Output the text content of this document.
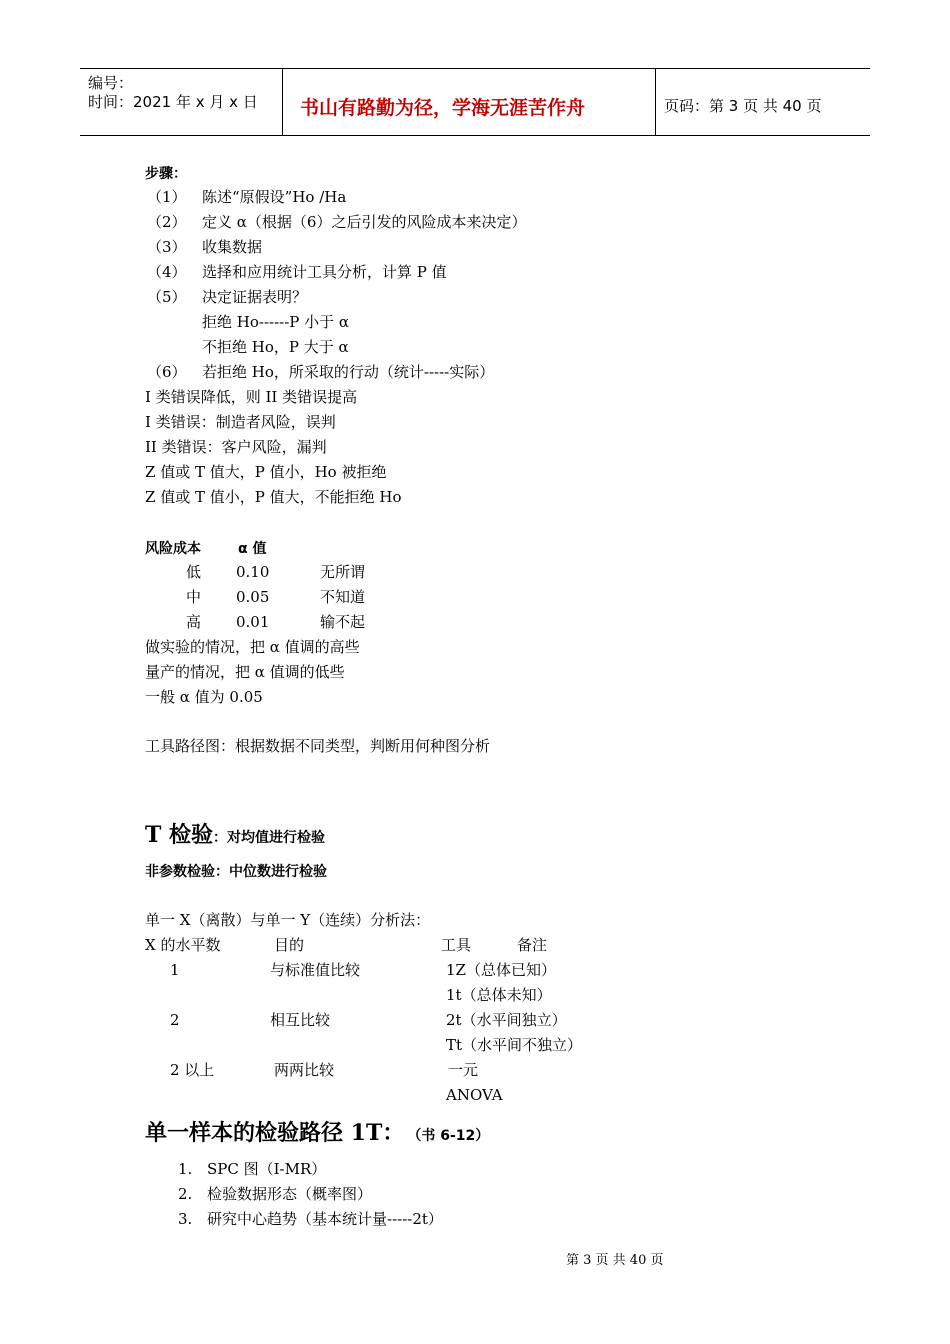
编号：
时间：2021 年 x 月 x 日 书山有路勤为径，学海无涯苦作舟	页码：第 3 页 共 40 页
步骤：
（1） 陈述“原假设”Ho /Ha
（2） 定义 α（根据（6）之后引发的风险成本来决定）
（3） 收集数据
（4） 选择和应用统计工具分析，计算 P 值
（5） 决定证据表明？
拒绝 Ho------P 小于 α
不拒绝 Ho，P 大于 α
（6） 若拒绝 Ho，所采取的行动（统计-----实际）
I 类错误降低，则 II 类错误提高
I 类错误：制造者风险，误判
II 类错误：客户风险，漏判
Z 值或 T 值大，P 值小，Ho 被拒绝
Z 值或 T 值小，P 值大，不能拒绝 Ho
风险成本	α 值
低 0.10	无所谓
中 0.05	不知道
高 0.01	输不起
做实验的情况，把 α 值调的高些
量产的情况，把 α 值调的低些
一般 α 值为 0.05
工具路径图：根据数据不同类型，判断用何种图分析
T 检验：对均值进行检验
非参数检验：中位数进行检验
单一 X（离散）与单一 Y（连续）分析法：
X 的水平数	目的	工具	备注
1	与标准值比较	1Z（总体已知）
1t（总体未知）
2	相互比较	2t（水平间独立）
Tt（水平间不独立）
2 以上	两两比较	一元
ANOVA
单一样本的检验路径 1T： （书 6-12）
1. SPC 图（I-MR）
2. 检验数据形态（概率图）
3. 研究中心趋势（基本统计量-----2t）
第 3 页 共 40 页
